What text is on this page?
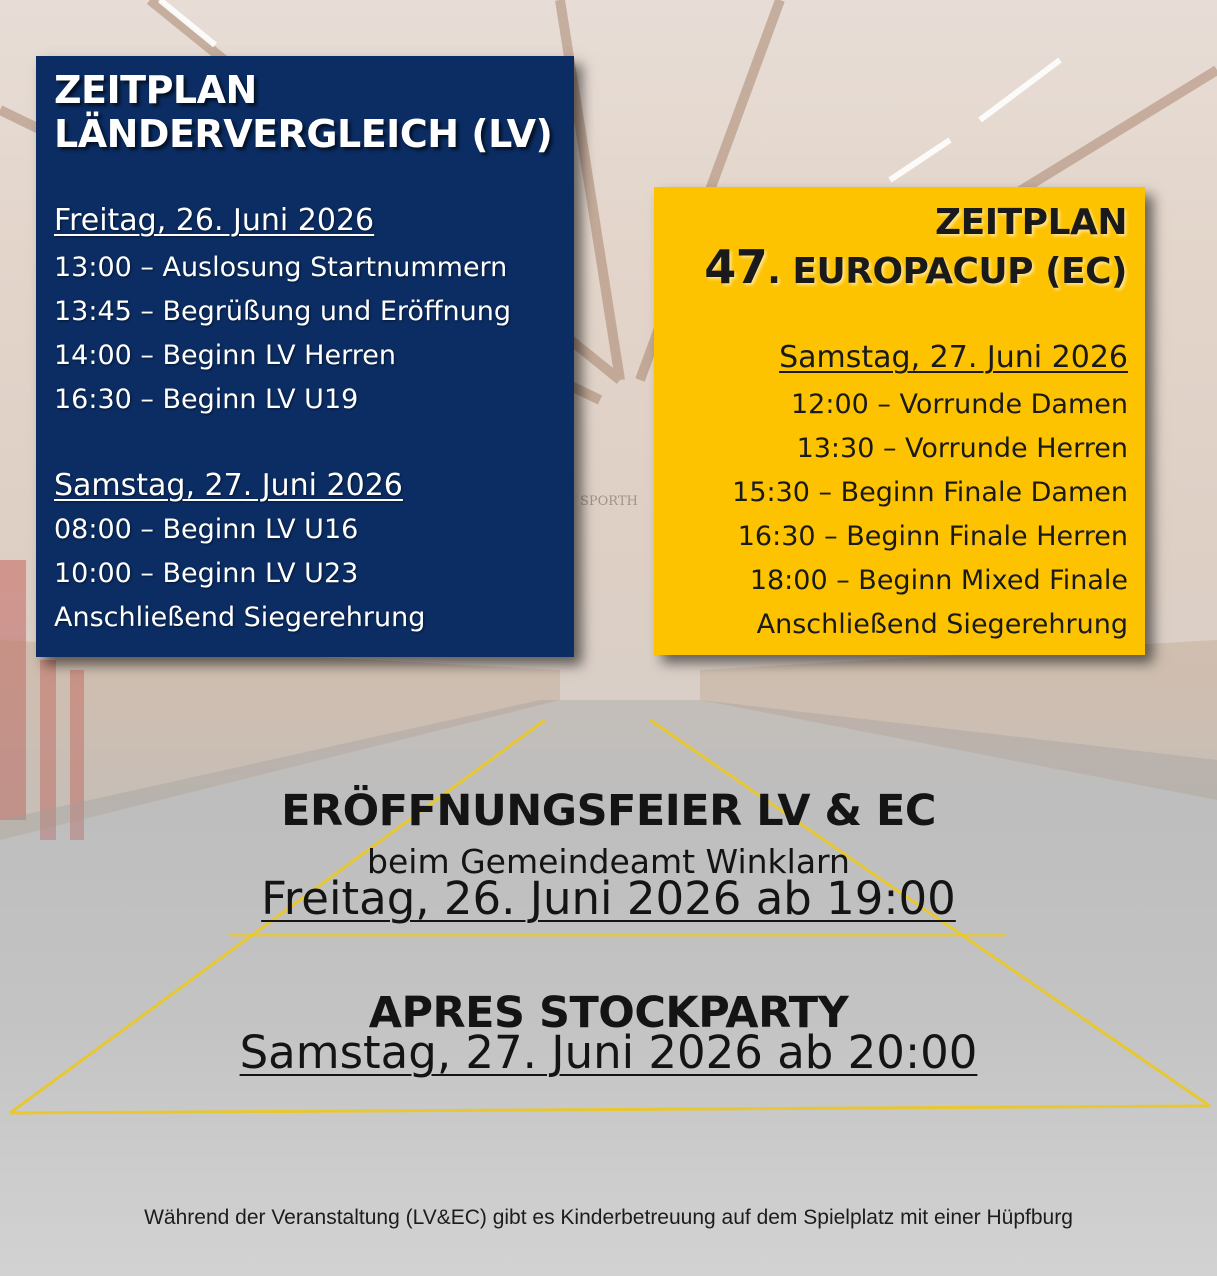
SPORTH
ZEITPLAN
LÄNDERVERGLEICH (LV)
Freitag, 26. Juni 2026
13:00 – Auslosung Startnummern
13:45 – Begrüßung und Eröffnung
14:00 – Beginn LV Herren
16:30 – Beginn LV U19
Samstag, 27. Juni 2026
08:00 – Beginn LV U16
10:00 – Beginn LV U23
Anschließend Siegerehrung
ZEITPLAN
47. EUROPACUP (EC)
Samstag, 27. Juni 2026
12:00 – Vorrunde Damen
13:30 – Vorrunde Herren
15:30 – Beginn Finale Damen
16:30 – Beginn Finale Herren
18:00 – Beginn Mixed Finale
Anschließend Siegerehrung
ERÖFFNUNGSFEIER LV & EC
beim Gemeindeamt Winklarn
Freitag, 26. Juni 2026 ab 19:00
APRES STOCKPARTY
Samstag, 27. Juni 2026 ab 20:00
Während der Veranstaltung (LV&EC) gibt es Kinderbetreuung auf dem Spielplatz mit einer Hüpfburg
